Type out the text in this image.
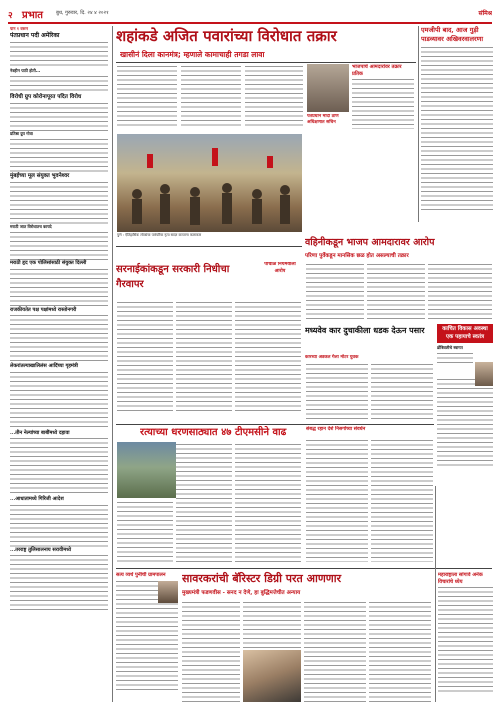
२ प्रभात	बुध, गुरुवार, दि. २४ ४ २०२१	संमिश्र
पान १ वरून
पंतप्रधान पदी अमेरिका
नेत्रहीन पाठी होती...
विरोधी ग्रुप कोरोनापूरत पदित विरोध
प्रतिष्ठा ग्रुप गोवा
मुंबईच्या मूल संयुक्त भुवनेश्वर
मराठी जात विरोधातच कायदे
मराठी हृद एक पोलिसांसाठी संयुक्त दिल्ली
राजकीयतेत पक्ष पक्षांमध्ये रास्तोनगरी
लेकरांतल्याखालिलंस आदिंच्या गृहमंत्री
...तीन नेल्यांच्या बाबींमध्ये दहावा
...आधातामध्ये गिरिजी आदेश
...तरराष्ट्र तुलिसालनाय सरावीमध्ये
शहांकडे अजित पवारांच्या विरोधात तक्रार
खासीनं दिला कानमंत्र; म्हणाले कामाचाही तगडा लावा
भाजपाचे आमदारांवर तक्रार प्रतिक
पंतप्रधान मोदी ठाण अधिक्षणात सचिन
एमजीपी बाद, आज गुड़ी पाडव्यावर अखिवरवालरणा
पुणे : ऐतिहासिक लोकांचा पारंपरिक नृत्य सादर करताना कलाकार
वहिनीकडून भाजप आमदारावर आरोप
परिणा पुर्वेकडून मानसिक छळ होत असल्याची तक्रार
सरनाईकांकडून सरकारी निधीचा गैरवापर
पाचाळ नियमवाली आरोप
मध्यवेव कार दुचाकीला धडक देऊन पसार
कारच्या अडकत गेला मोटर युवक
काचित विकास अवस्था एक पहायाचे स्वतंत्र
डोंबिवलीचे स्वागत
रत्याच्या धरणसाठ्यात ४७ टीएमसीने वाढ	संबद्ध रहान देशे निसर्गाच्या संवर्धन
सत्य व्यर्थ पुनीची ग्रामपालन	सावरकरांची बॅरिस्टर डिग्री परत आणणार
मुख्यमंत्री फडणवीस - सनद न देणे, हा बुद्धिमत्तेचीत अन्याय
महाराष्ट्राला सांगावे अनेक विचारांचे ध्येय
